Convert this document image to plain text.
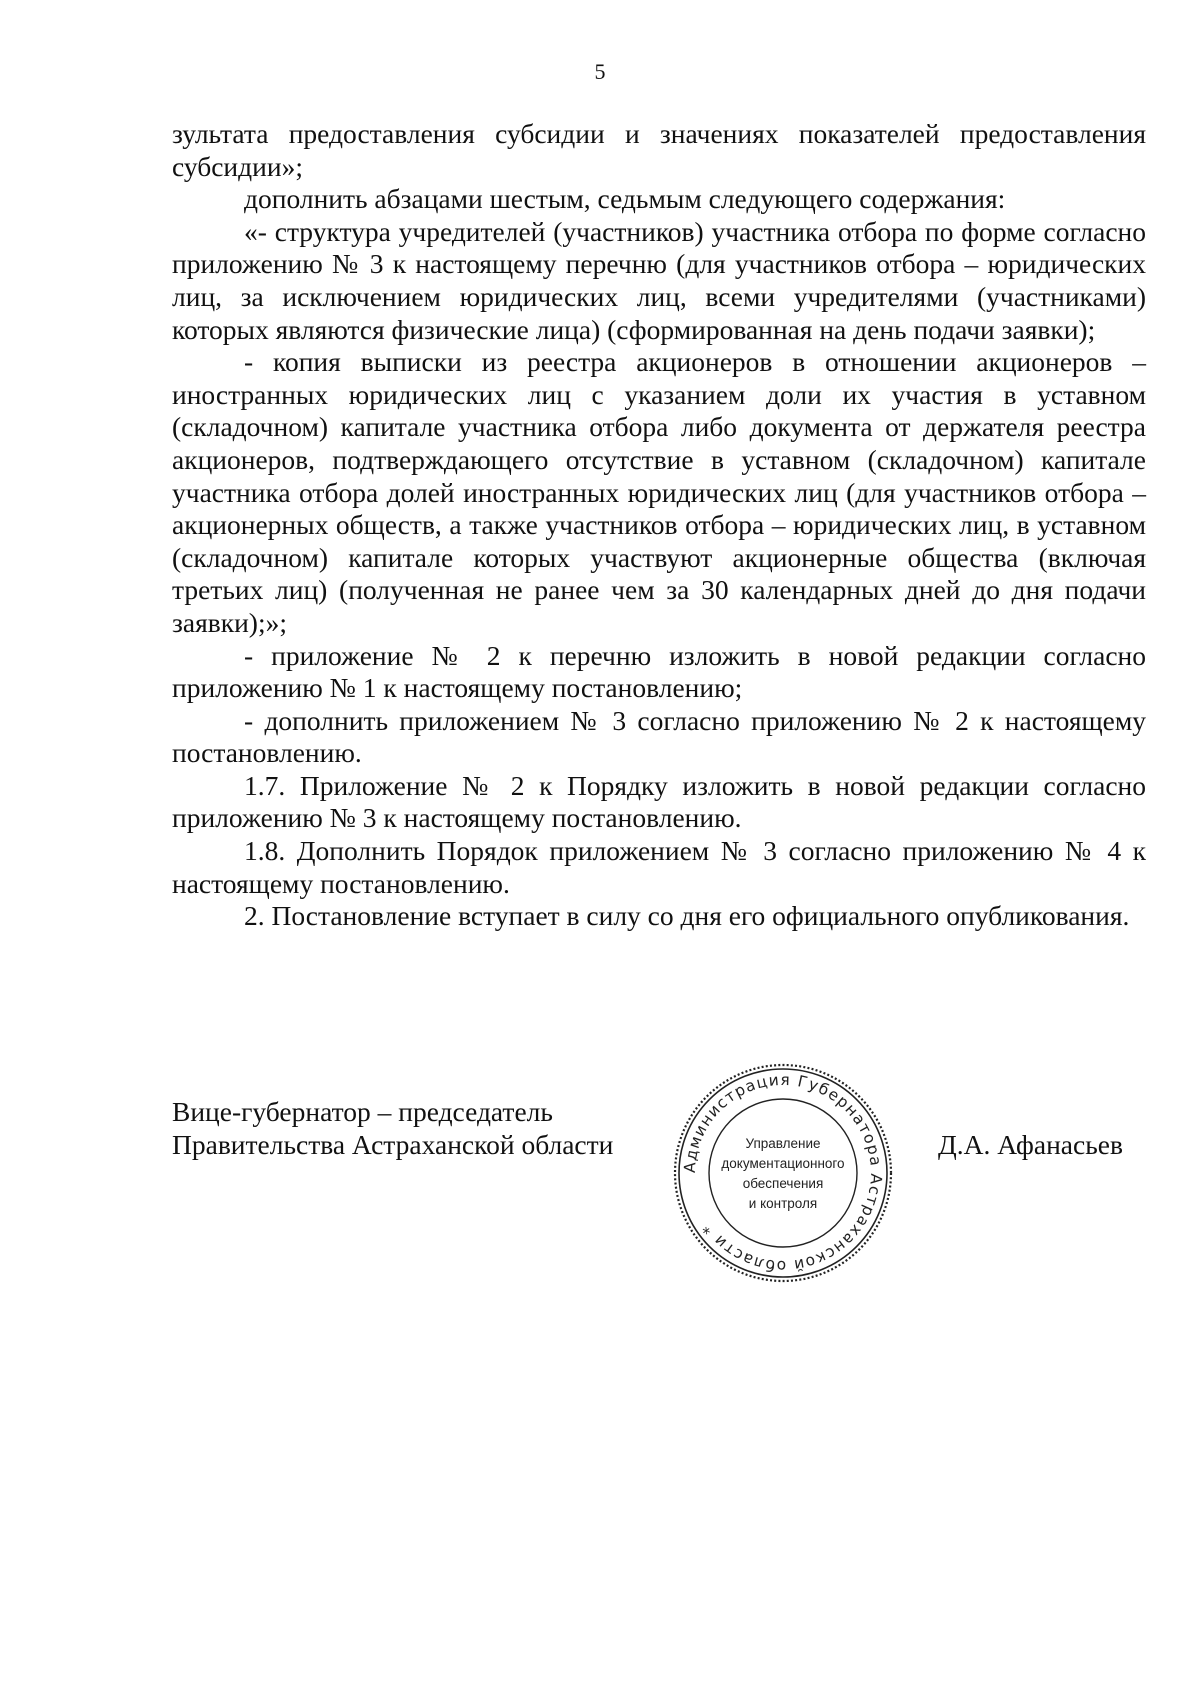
5

зультата предоставления субсидии и значениях показателей предоставления субсидии»;

дополнить абзацами шестым, седьмым следующего содержания:

«- структура учредителей (участников) участника отбора по форме согласно приложению № 3 к настоящему перечню (для участников отбора – юридических лиц, за исключением юридических лиц, всеми учредителями (участниками) которых являются физические лица) (сформированная на день подачи заявки);

- копия выписки из реестра акционеров в отношении акционеров – иностранных юридических лиц с указанием доли их участия в уставном (складочном) капитале участника отбора либо документа от держателя реестра акционеров, подтверждающего отсутствие в уставном (складочном) капитале участника отбора долей иностранных юридических лиц (для участников отбора – акционерных обществ, а также участников отбора – юридических лиц, в уставном (складочном) капитале которых участвуют акционерные общества (включая третьих лиц) (полученная не ранее чем за 30 календарных дней до дня подачи заявки);»;

- приложение № 2 к перечню изложить в новой редакции согласно приложению № 1 к настоящему постановлению;

- дополнить приложением № 3 согласно приложению № 2 к настоящему постановлению.

1.7. Приложение № 2 к Порядку изложить в новой редакции согласно приложению № 3 к настоящему постановлению.

1.8. Дополнить Порядок приложением № 3 согласно приложению № 4 к настоящему постановлению.

2. Постановление вступает в силу со дня его официального опубликования.

Вице-губернатор – председатель
Правительства Астраханской области
Администрация Губернатора Астраханской области *
Управление документационного обеспечения и контроля
Д.А. Афанасьев
